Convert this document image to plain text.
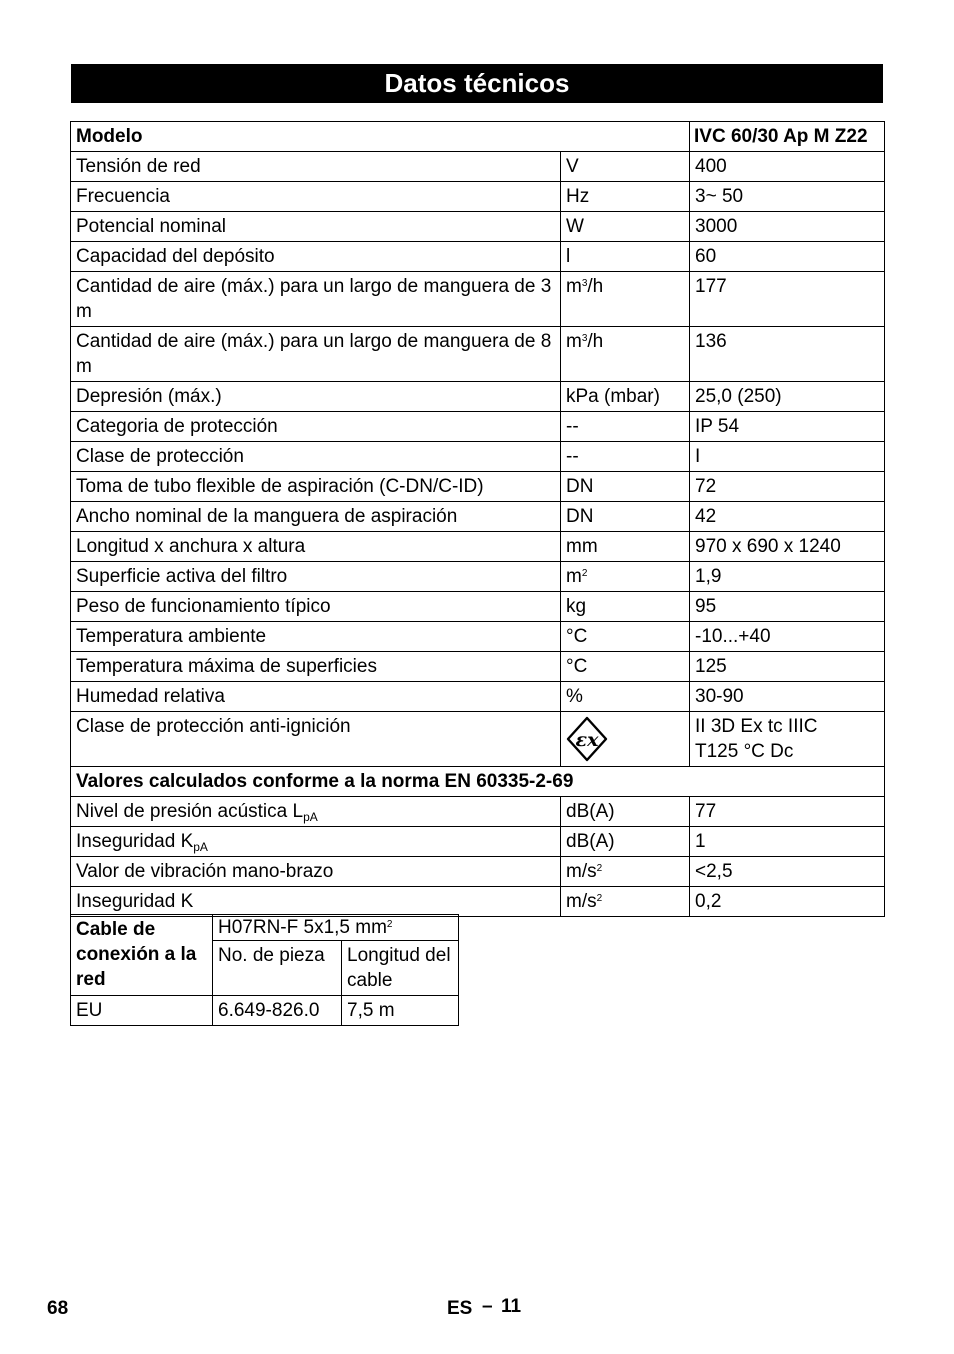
Datos técnicos
Modelo		IVC 60/30 Ap M Z22
Tensión de red	V	400
Frecuencia	Hz	3~ 50
Potencial nominal	W	3000
Capacidad del depósito	l	60
Cantidad de aire (máx.) para un largo de manguera de 3 m	$m^3/h$	177
Cantidad de aire (máx.) para un largo de manguera de 8 m	$m^3/h$	136
Depresión (máx.)	kPa (mbar)	25,0 (250)
Categoria de protección	--	IP 54
Clase de protección	--	I
Toma de tubo flexible de aspiración (C-DN/C-ID)	DN	72
Ancho nominal de la manguera de aspiración	DN	42
Longitud x anchura x altura	mm	970 x 690 x 1240
Superficie activa del filtro	$m^2$	1,9
Peso de funcionamiento típico	kg	95
Temperatura ambiente	°C	-10...+40
Temperatura máxima de superficies	°C	125
Humedad relativa	%	30-90
Clase de protección anti-ignición	εx	II 3D Ex tc IIIC
T125 °C Dc
Valores calculados conforme a la norma EN 60335-2-69		
Nivel de presión acústica $L_{pA}$	dB(A)	77
Inseguridad $K_{pA}$	dB(A)	1
Valor de vibración mano-brazo	$m/s^2$	<2,5
Inseguridad K	$m/s^2$	0,2
Cable de conexión a la red	H07RN-F 5x1,5 $mm^2$
	No. de pieza	Longitud del cable
EU	6.649-826.0	7,5 m
68	ES – 11
